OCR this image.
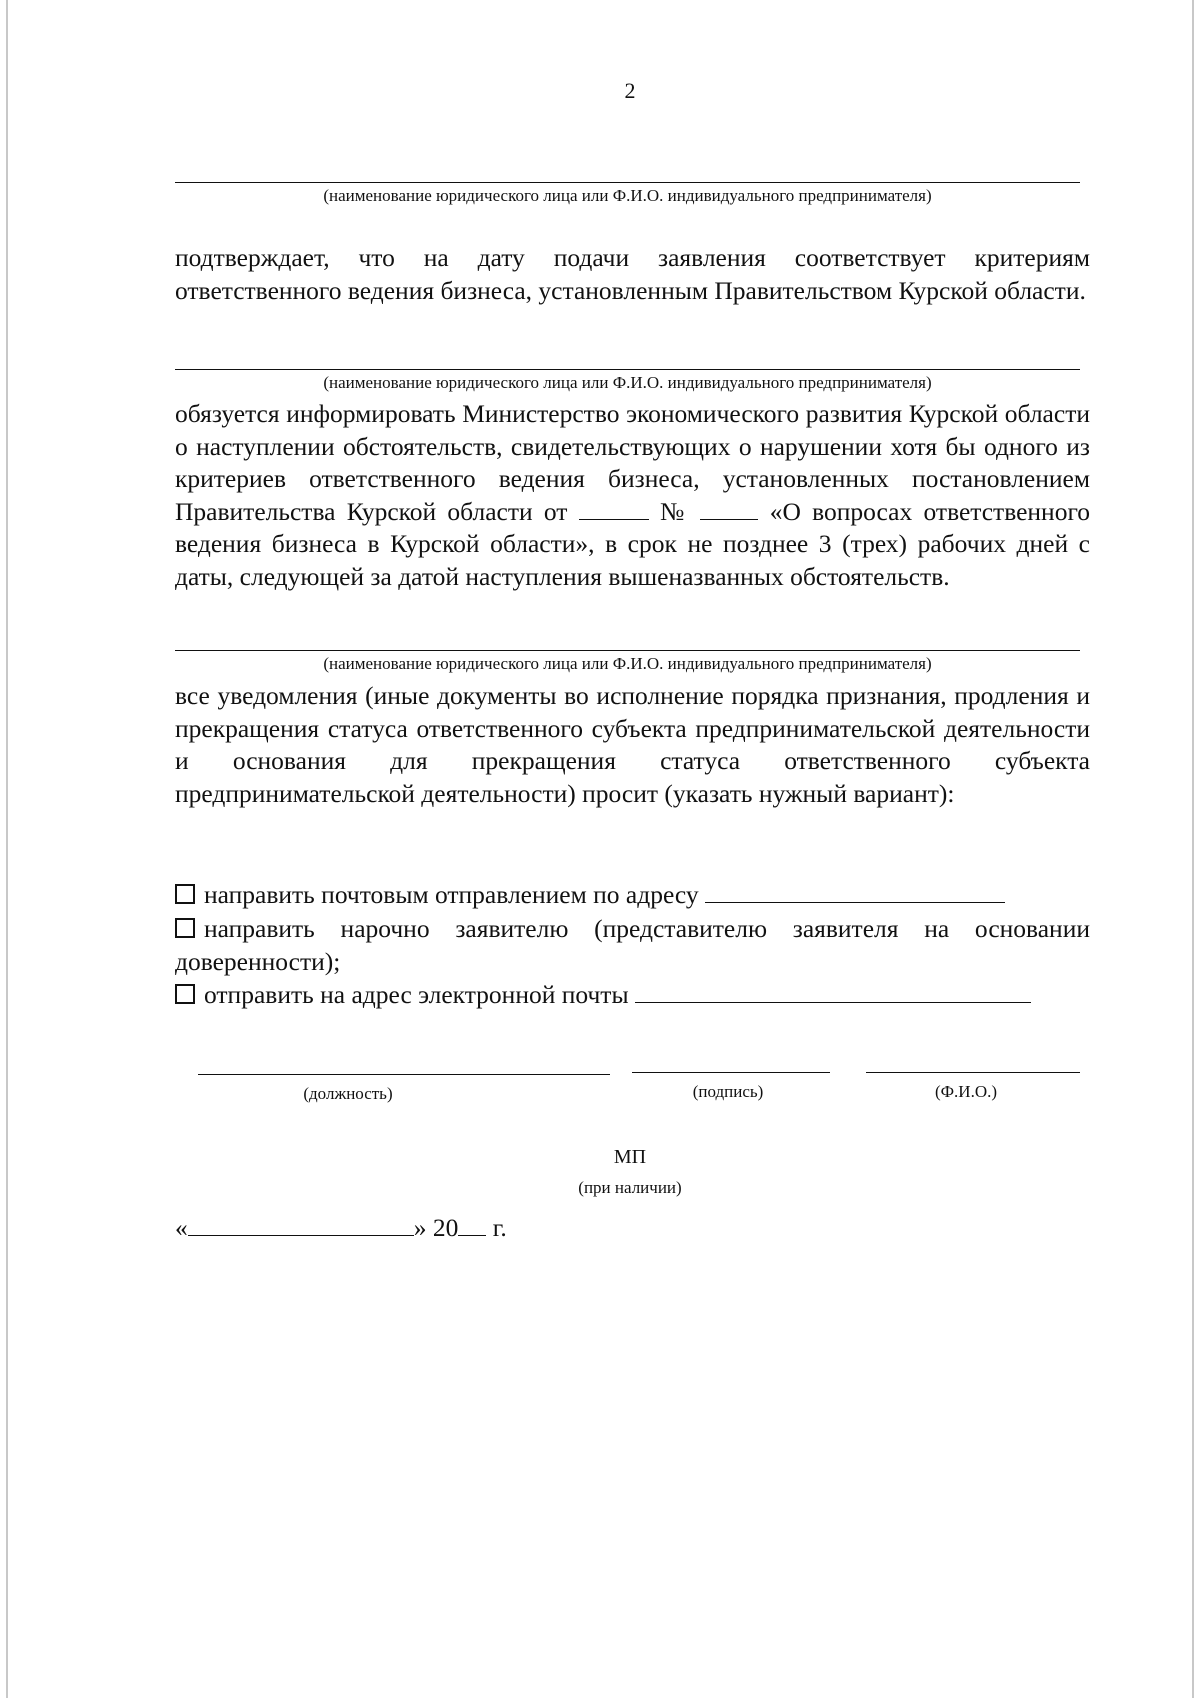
2
(наименование юридического лица или Ф.И.О. индивидуального предпринимателя)

подтверждает, что на дату подачи заявления соответствует критериям ответственного ведения бизнеса, установленным Правительством Курской области.

(наименование юридического лица или Ф.И.О. индивидуального предпринимателя)

обязуется информировать Министерство экономического развития Курской области о наступлении обстоятельств, свидетельствующих о нарушении хотя бы одного из критериев ответственного ведения бизнеса, установленных постановлением Правительства Курской области от	№	«О вопросах ответственного ведения бизнеса в Курской области», в срок не позднее 3 (трех) рабочих дней с даты, следующей за датой наступления вышеназванных обстоятельств.

(наименование юридического лица или Ф.И.О. индивидуального предпринимателя)

все уведомления (иные документы во исполнение порядка признания, продления и прекращения статуса ответственного субъекта предпринимательской деятельности и основания для прекращения статуса ответственного субъекта предпринимательской деятельности) просит (указать нужный вариант):

направить почтовым отправлением по адресу
направить нарочно заявителю (представителю заявителя на основании доверенности);
отправить на адрес электронной почты
(должность)	(подпись)	(Ф.И.О.)
МП
(при наличии)
«	» 20 г.
